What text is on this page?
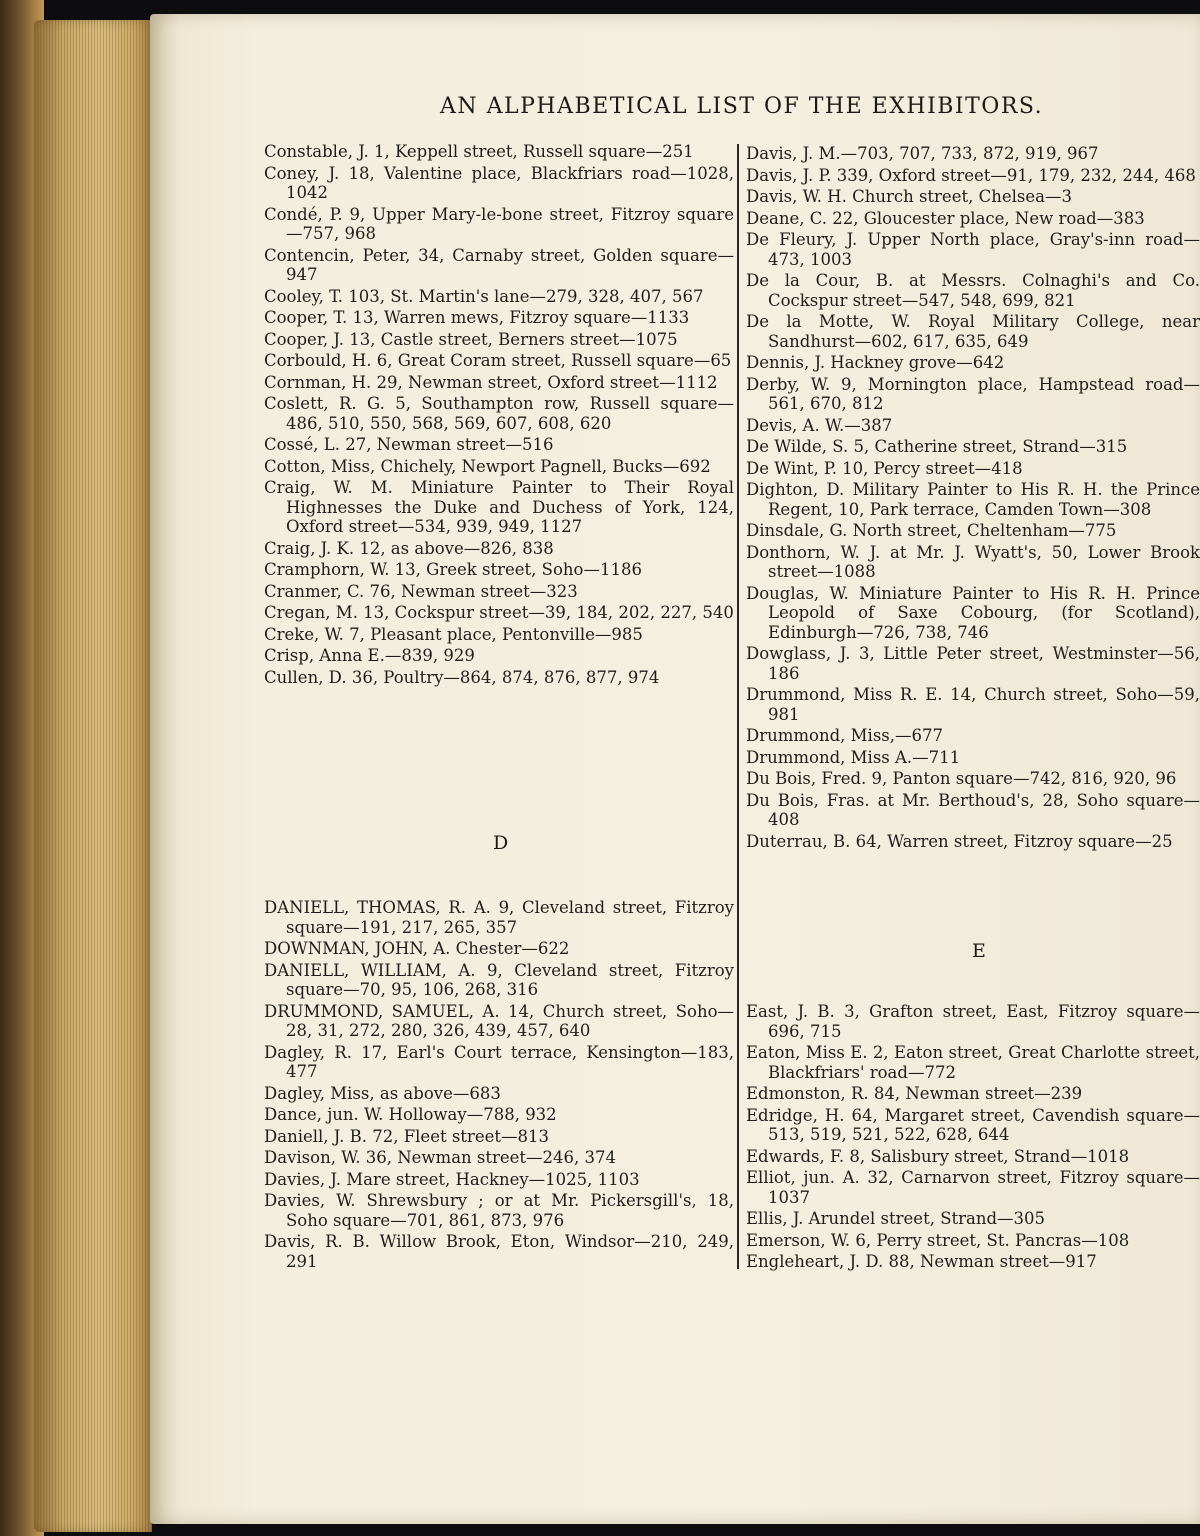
AN ALPHABETICAL LIST OF THE EXHIBITORS.

Constable, J. 1, Keppell street, Russell square—251

Coney, J. 18, Valentine place, Blackfriars road—1028, 1042

Condé, P. 9, Upper Mary-le-bone street, Fitzroy square—757, 968

Contencin, Peter, 34, Carnaby street, Golden square—947

Cooley, T. 103, St. Martin's lane—279, 328, 407, 567

Cooper, T. 13, Warren mews, Fitzroy square—1133

Cooper, J. 13, Castle street, Berners street—1075

Corbould, H. 6, Great Coram street, Russell square—65

Cornman, H. 29, Newman street, Oxford street—1112

Coslett, R. G. 5, Southampton row, Russell square—486, 510, 550, 568, 569, 607, 608, 620

Cossé, L. 27, Newman street—516

Cotton, Miss, Chichely, Newport Pagnell, Bucks—692

Craig, W. M. Miniature Painter to Their Royal Highnesses the Duke and Duchess of York, 124, Oxford street—534, 939, 949, 1127

Craig, J. K. 12, as above—826, 838

Cramphorn, W. 13, Greek street, Soho—1186

Cranmer, C. 76, Newman street—323

Cregan, M. 13, Cockspur street—39, 184, 202, 227, 540

Creke, W. 7, Pleasant place, Pentonville—985

Crisp, Anna E.—839, 929

Cullen, D. 36, Poultry—864, 874, 876, 877, 974

DANIELL, THOMAS, R. A. 9, Cleveland street, Fitzroy square—191, 217, 265, 357

DOWNMAN, JOHN, A. Chester—622

DANIELL, WILLIAM, A. 9, Cleveland street, Fitzroy square—70, 95, 106, 268, 316

DRUMMOND, SAMUEL, A. 14, Church street, Soho—28, 31, 272, 280, 326, 439, 457, 640

Dagley, R. 17, Earl's Court terrace, Kensington—183, 477

Dagley, Miss, as above—683

Dance, jun. W. Holloway—788, 932

Daniell, J. B. 72, Fleet street—813

Davison, W. 36, Newman street—246, 374

Davies, J. Mare street, Hackney—1025, 1103

Davies, W. Shrewsbury ; or at Mr. Pickersgill's, 18, Soho square—701, 861, 873, 976

Davis, R. B. Willow Brook, Eton, Windsor—210, 249, 291

D

Davis, J. M.—703, 707, 733, 872, 919, 967

Davis, J. P. 339, Oxford street—91, 179, 232, 244, 468

Davis, W. H. Church street, Chelsea—3

Deane, C. 22, Gloucester place, New road—383

De Fleury, J. Upper North place, Gray's-inn road—473, 1003

De la Cour, B. at Messrs. Colnaghi's and Co. Cockspur street—547, 548, 699, 821

De la Motte, W. Royal Military College, near Sandhurst—602, 617, 635, 649

Dennis, J. Hackney grove—642

Derby, W. 9, Mornington place, Hampstead road—561, 670, 812

Devis, A. W.—387

De Wilde, S. 5, Catherine street, Strand—315

De Wint, P. 10, Percy street—418

Dighton, D. Military Painter to His R. H. the Prince Regent, 10, Park terrace, Camden Town—308

Dinsdale, G. North street, Cheltenham—775

Donthorn, W. J. at Mr. J. Wyatt's, 50, Lower Brook street—1088

Douglas, W. Miniature Painter to His R. H. Prince Leopold of Saxe Cobourg, (for Scotland), Edinburgh—726, 738, 746

Dowglass, J. 3, Little Peter street, Westminster—56, 186

Drummond, Miss R. E. 14, Church street, Soho—59, 981

Drummond, Miss,—677

Drummond, Miss A.—711

Du Bois, Fred. 9, Panton square—742, 816, 920, 96

Du Bois, Fras. at Mr. Berthoud's, 28, Soho square—408

Duterrau, B. 64, Warren street, Fitzroy square—25

East, J. B. 3, Grafton street, East, Fitzroy square—696, 715

Eaton, Miss E. 2, Eaton street, Great Charlotte street, Blackfriars' road—772

Edmonston, R. 84, Newman street—239

Edridge, H. 64, Margaret street, Cavendish square—513, 519, 521, 522, 628, 644

Edwards, F. 8, Salisbury street, Strand—1018

Elliot, jun. A. 32, Carnarvon street, Fitzroy square—1037

Ellis, J. Arundel street, Strand—305

Emerson, W. 6, Perry street, St. Pancras—108

Engleheart, J. D. 88, Newman street—917

E
